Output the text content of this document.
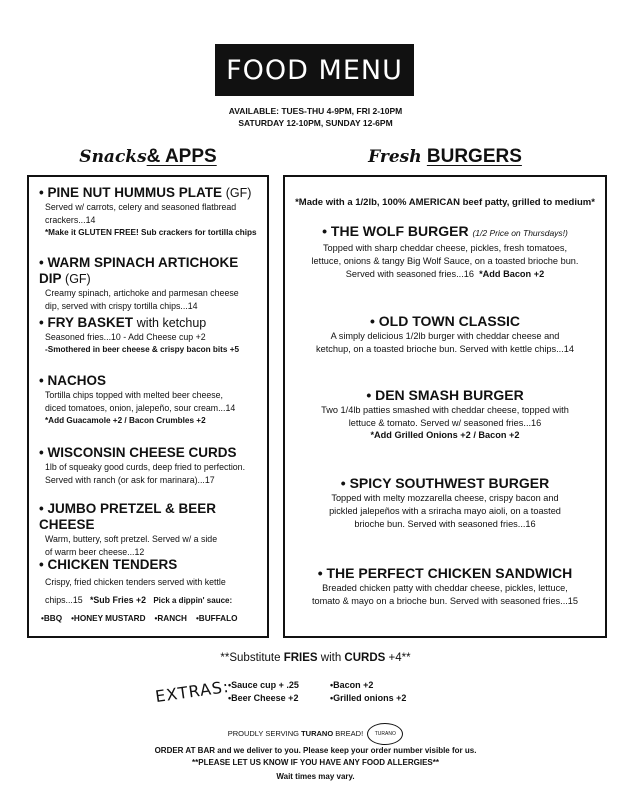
FOOD MENU
AVAILABLE: TUES-THU 4-9PM, FRI 2-10PM
SATURDAY 12-10PM, SUNDAY 12-6PM
Snacks& APPS	Fresh BURGERS
• PINE NUT HUMMUS PLATE (GF)
Served w/ carrots, celery and seasoned flatbread
crackers...14
*Make it GLUTEN FREE! Sub crackers for tortilla chips
• WARM SPINACH ARTICHOKE DIP (GF)
Creamy spinach, artichoke and parmesan cheese
dip, served with crispy tortilla chips...14
• FRY BASKET with ketchup
Seasoned fries...10 - Add Cheese cup +2
-Smothered in beer cheese & crispy bacon bits +5
• NACHOS
Tortilla chips topped with melted beer cheese,
diced tomatoes, onion, jalepeño, sour cream...14
*Add Guacamole +2 / Bacon Crumbles +2
• WISCONSIN CHEESE CURDS
1lb of squeaky good curds, deep fried to perfection.
Served with ranch (or ask for marinara)...17
• JUMBO PRETZEL & BEER CHEESE
Warm, buttery, soft pretzel. Served w/ a side
of warm beer cheese...12
• CHICKEN TENDERS
Crispy, fried chicken tenders served with kettle
chips...15 *Sub Fries +2 Pick a dippin' sauce:
•BBQ •HONEY MUSTARD •RANCH •BUFFALO
*Made with a 1/2lb, 100% AMERICAN beef patty, grilled to medium*
• THE WOLF BURGER (1/2 Price on Thursdays!)
Topped with sharp cheddar cheese, pickles, fresh tomatoes,
lettuce, onions & tangy Big Wolf Sauce, on a toasted brioche bun.
Served with seasoned fries...16 *Add Bacon +2
• OLD TOWN CLASSIC
A simply delicious 1/2lb burger with cheddar cheese and
ketchup, on a toasted brioche bun. Served with kettle chips...14
• DEN SMASH BURGER
Two 1/4lb patties smashed with cheddar cheese, topped with
lettuce & tomato. Served w/ seasoned fries...16
*Add Grilled Onions +2 / Bacon +2
• SPICY SOUTHWEST BURGER
Topped with melty mozzarella cheese, crispy bacon and
pickled jalepeños with a sriracha mayo aioli, on a toasted
brioche bun. Served with seasoned fries...16
• THE PERFECT CHICKEN SANDWICH
Breaded chicken patty with cheddar cheese, pickles, lettuce,
tomato & mayo on a brioche bun. Served with seasoned fries...15
**Substitute FRIES with CURDS +4**
EXTRAS:
•Sauce cup + .25	•Bacon +2
•Beer Cheese +2	•Grilled onions +2
PROUDLY SERVING TURANO BREAD! TURANO
ORDER AT BAR and we deliver to you. Please keep your order number visible for us.
**PLEASE LET US KNOW IF YOU HAVE ANY FOOD ALLERGIES**
Wait times may vary.
